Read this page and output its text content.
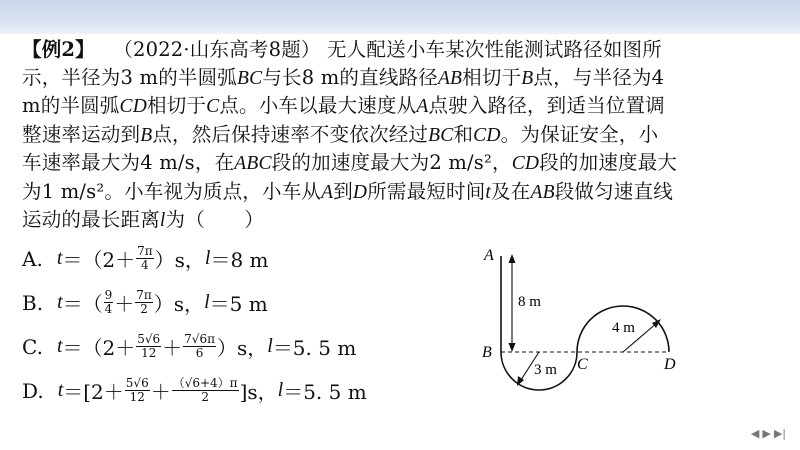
【例2】 （2022·山东高考8题） 无人配送小车某次性能测试路径如图所
示，半径为3 m的半圆弧BC与长8 m的直线路径AB相切于B点，与半径为4
m的半圆弧CD相切于C点。小车以最大速度从A点驶入路径，到适当位置调
整速率运动到B点，然后保持速率不变依次经过BC和CD。为保证安全，小
车速率最大为4 m/s，在ABC段的加速度最大为2 m/s²，CD段的加速度最大
为1 m/s²。小车视为质点，小车从A到D所需最短时间t及在AB段做匀速直线
运动的最长距离l为（　　）
A. $t =(2+ \frac{7\pi}{4} )s$， l ＝8 m
B. t ＝（ $\frac{9}{4} + \frac{7\pi}{2} )s$， l ＝5 m
C. $t =(2+ \frac{5√6}{12} + \frac{7√6\pi}{6} )s$， l ＝5. 5 m
D. $t =[2+ \frac{5√6}{12} + \frac{(√6+4)\pi}{2} ]s$， l ＝5. 5 m
A
B
C	D
8 m
3 m
4 m
◀ ▶ ▶|
